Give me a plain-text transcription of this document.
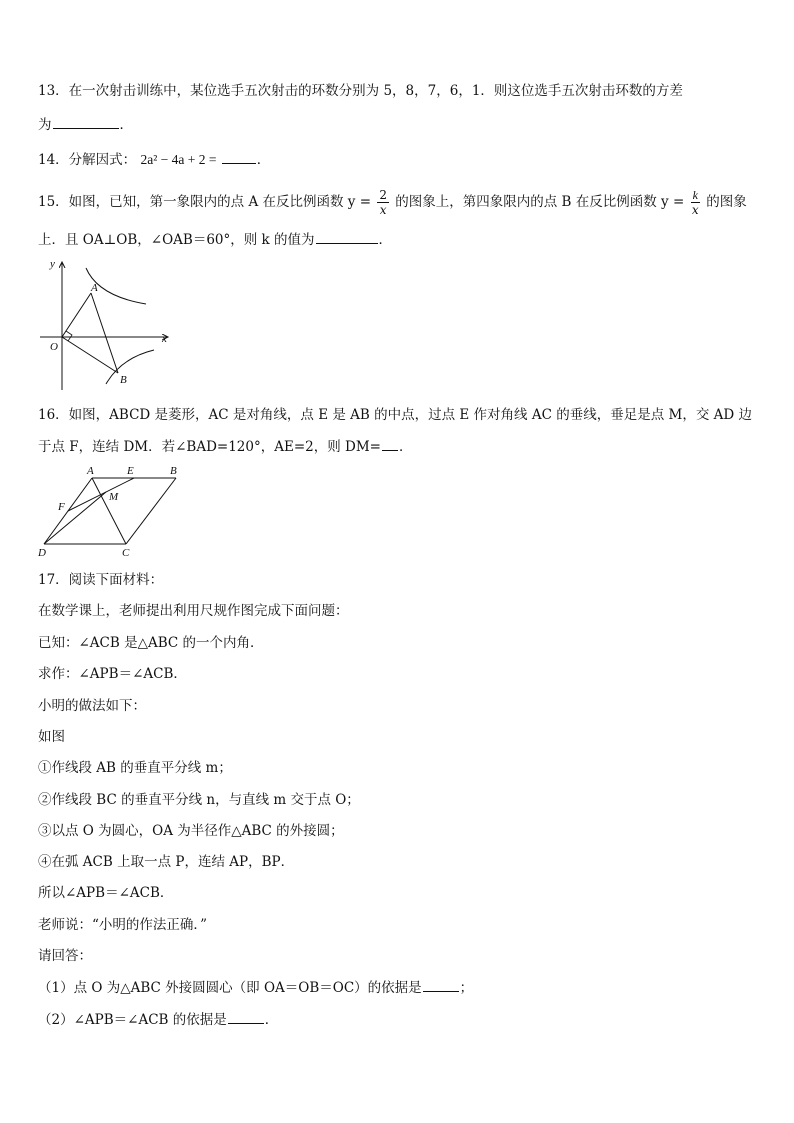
13．在一次射击训练中，某位选手五次射击的环数分别为 5，8，7，6，1．则这位选手五次射击环数的方差
为	．
14．分解因式： 2a² − 4a + 2 =	．
15．如图，已知，第一象限内的点 A 在反比例函数 $y = \frac{2}{x}$ 的图象上，第四象限内的点 B 在反比例函数 $y = \frac{k}{x}$ 的图象
上．且 OA⊥OB，∠OAB＝60°，则 k 的值为	．
y
x
O
A
B
16．如图，ABCD 是菱形，AC 是对角线，点 E 是 AB 的中点，过点 E 作对角线 AC 的垂线，垂足是点 M，交 AD 边
于点 F，连结 DM．若∠BAD=120°，AE=2，则 DM= ．
A	E	B
F
M
D	C
17．阅读下面材料：
在数学课上，老师提出利用尺规作图完成下面问题：
已知：∠ACB 是△ABC 的一个内角．
求作：∠APB＝∠ACB．
小明的做法如下：
如图
①作线段 AB 的垂直平分线 m；
②作线段 BC 的垂直平分线 n，与直线 m 交于点 O；
③以点 O 为圆心，OA 为半径作△ABC 的外接圆；
④在弧 ACB 上取一点 P，连结 AP，BP．
所以∠APB＝∠ACB．
老师说：“小明的作法正确．”
请回答：
（1）点 O 为△ABC 外接圆圆心（即 OA＝OB＝OC）的依据是	；
（2）∠APB＝∠ACB 的依据是	．
